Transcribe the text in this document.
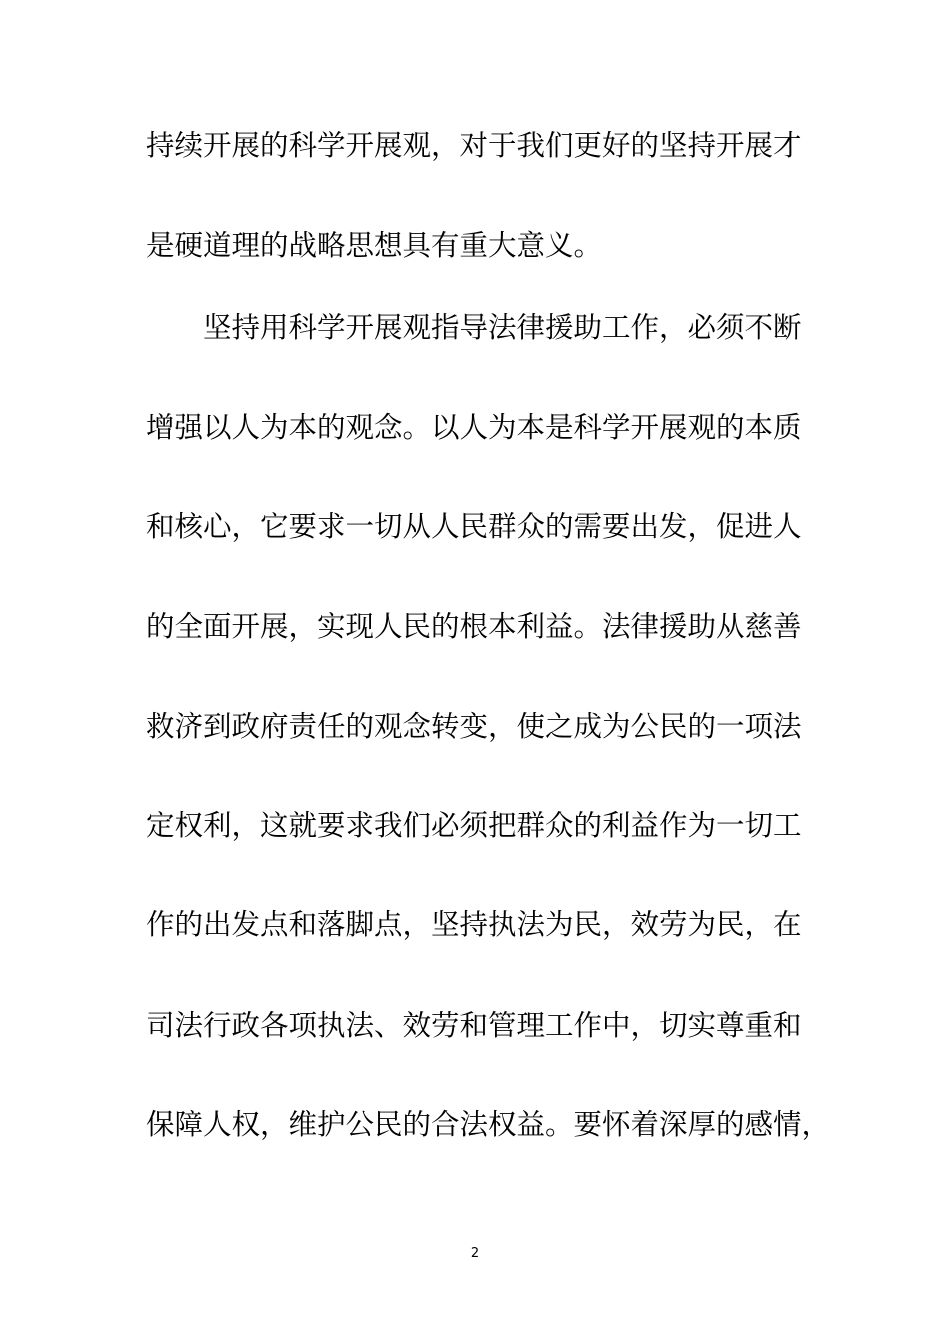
持续开展的科学开展观，对于我们更好的坚持开展才
是硬道理的战略思想具有重大意义。
坚持用科学开展观指导法律援助工作，必须不断
增强以人为本的观念。以人为本是科学开展观的本质
和核心，它要求一切从人民群众的需要出发，促进人
的全面开展，实现人民的根本利益。法律援助从慈善
救济到政府责任的观念转变，使之成为公民的一项法
定权利，这就要求我们必须把群众的利益作为一切工
作的出发点和落脚点，坚持执法为民，效劳为民，在
司法行政各项执法、效劳和管理工作中，切实尊重和
保障人权，维护公民的合法权益。要怀着深厚的感情，
2
